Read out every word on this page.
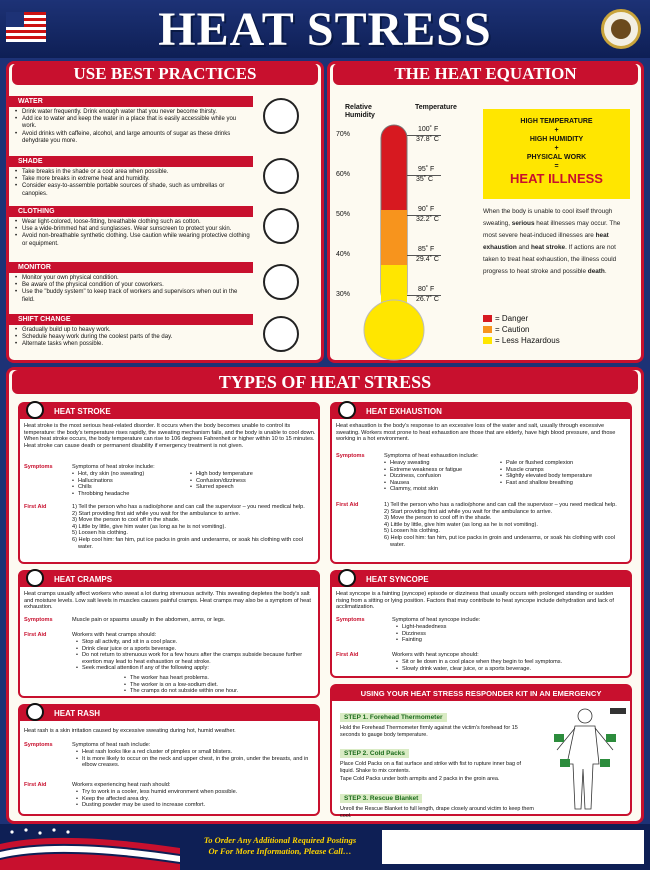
HEAT STRESS
USE BEST PRACTICES
WATER
• Drink water frequently. Drink enough water that you never become thirsty.
• Add ice to water and keep the water in a place that is easily accessible while you work.
• Avoid drinks with caffeine, alcohol, and large amounts of sugar as these drinks dehydrate you more.
SHADE
• Take breaks in the shade or a cool area when possible.
• Take more breaks in extreme heat and humidity.
• Consider easy-to-assemble portable sources of shade, such as umbrellas or canopies.
CLOTHING
• Wear light-colored, loose-fitting, breathable clothing such as cotton.
• Use a wide-brimmed hat and sunglasses. Wear sunscreen to protect your skin.
• Avoid non-breathable synthetic clothing. Use caution while wearing protective clothing or equipment.
MONITOR
• Monitor your own physical condition.
• Be aware of the physical condition of your coworkers.
• Use the "buddy system" to keep track of workers and supervisors when out in the field.
SHIFT CHANGE
• Gradually build up to heavy work.
• Schedule heavy work during the coolest parts of the day.
• Alternate tasks when possible.
THE HEAT EQUATION
Relative Humidity
Temperature
70%
100˚ F
37.8˚ C
60%
95˚ F
35˚ C
50%
90˚ F
32.2˚ C
40%
85˚ F
29.4˚ C
30%
80˚ F
26.7˚ C
HIGH TEMPERATURE
+
HIGH HUMIDITY
+
PHYSICAL WORK
=
HEAT ILLNESS
When the body is unable to cool itself through sweating, serious heat illnesses may occur. The most severe heat-induced illnesses are heat exhaustion and heat stroke. If actions are not taken to treat heat exhaustion, the illness could progress to heat stroke and possible death.
= Danger
= Caution
= Less Hazardous
TYPES OF HEAT STRESS
HEAT STROKE
Heat stroke is the most serious heat-related disorder. It occurs when the body becomes unable to control its temperature: the body's temperature rises rapidly, the sweating mechanism fails, and the body is unable to cool down. When heat stroke occurs, the body temperature can rise to 106 degrees Fahrenheit or higher within 10 to 15 minutes. Heat stroke can cause death or permanent disability if emergency treatment is not given.
Symptoms	Symptoms of heat stroke include:
• Hot, dry skin (no sweating)
• Hallucinations
• Chills
• Throbbing headache
• High body temperature
• Confusion/dizziness
• Slurred speech
First Aid	1) Tell the person who has a radio/phone and can call the supervisor – you need medical help.
2) Start providing first aid while you wait for the ambulance to arrive.
3) Move the person to cool off in the shade.
4) Little by little, give him water (as long as he is not vomiting).
5) Loosen his clothing.
6) Help cool him: fan him, put ice packs in groin and underarms, or soak his clothing with cool water.
HEAT EXHAUSTION
Heat exhaustion is the body's response to an excessive loss of the water and salt, usually through excessive sweating. Workers most prone to heat exhaustion are those that are elderly, have high blood pressure, and those working in a hot environment.
Symptoms	Symptoms of heat exhaustion include:
• Heavy sweating
• Extreme weakness or fatigue
• Dizziness, confusion
• Nausea
• Clammy, moist skin
• Pale or flushed complexion
• Muscle cramps
• Slightly elevated body temperature
• Fast and shallow breathing
First Aid	1) Tell the person who has a radio/phone and can call the supervisor – you need medical help.
2) Start providing first aid while you wait for the ambulance to arrive.
3) Move the person to cool off in the shade.
4) Little by little, give him water (as long as he is not vomiting).
5) Loosen his clothing.
6) Help cool him: fan him, put ice packs in groin and underarms, or soak his clothing with cool water.
HEAT CRAMPS
Heat cramps usually affect workers who sweat a lot during strenuous activity. This sweating depletes the body's salt and moisture levels. Low salt levels in muscles causes painful cramps. Heat cramps may also be a symptom of heat exhaustion.
Symptoms	Muscle pain or spasms usually in the abdomen, arms, or legs.
First Aid	Workers with heat cramps should:
• Stop all activity, and sit in a cool place.
• Drink clear juice or a sports beverage.
• Do not return to strenuous work for a few hours after the cramps subside because further exertion may lead to heat exhaustion or heat stroke.
• Seek medical attention if any of the following apply:
• The worker has heart problems.
• The worker is on a low-sodium diet.
• The cramps do not subside within one hour.
HEAT SYNCOPE
Heat syncope is a fainting (syncope) episode or dizziness that usually occurs with prolonged standing or sudden rising from a sitting or lying position. Factors that may contribute to heat syncope include dehydration and lack of acclimatization.
Symptoms	Symptoms of heat syncope include:
• Light-headedness
• Dizziness
• Fainting
First Aid	Workers with heat syncope should:
• Sit or lie down in a cool place when they begin to feel symptoms.
• Slowly drink water, clear juice, or a sports beverage.
HEAT RASH
Heat rash is a skin irritation caused by excessive sweating during hot, humid weather.
Symptoms	Symptoms of heat rash include:
• Heat rash looks like a red cluster of pimples or small blisters.
• It is more likely to occur on the neck and upper chest, in the groin, under the breasts, and in elbow creases.
First Aid	Workers experiencing heat rash should:
• Try to work in a cooler, less humid environment when possible.
• Keep the affected area dry.
• Dusting powder may be used to increase comfort.
USING YOUR HEAT STRESS RESPONDER KIT IN AN EMERGENCY
STEP 1. Forehead Thermometer
Hold the Forehead Thermometer firmly against the victim's forehead for 15 seconds to gauge body temperature.
STEP 2. Cold Packs
Place Cold Packs on a flat surface and strike with fist to rupture inner bag of liquid. Shake to mix contents.
Tape Cold Packs under both armpits and 2 packs in the groin area.
STEP 3. Rescue Blanket
Unroll the Rescue Blanket to full length, drape closely around victim to keep them cool.
To Order Any Additional Required Postings
Or For More Information, Please Call…
